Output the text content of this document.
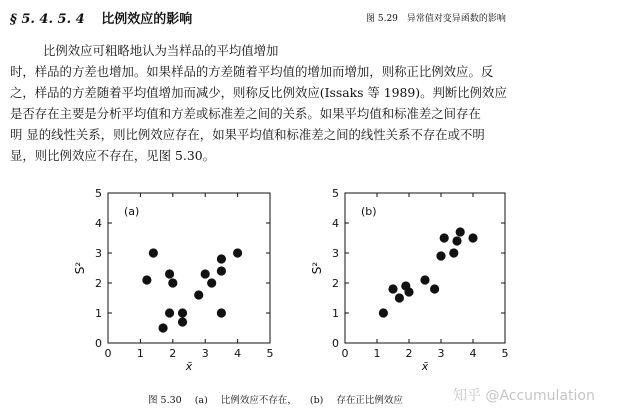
§ 5. 4. 5. 4 比例效应的影响	图 5.29　异常值对变异函数的影响
比例效应可粗略地认为当样品的平均值增加
时，样品的方差也增加。如果样品的方差随着平均值的增加而增加，则称正比例效应。反
之，样品的方差随着平均值增加而减少，则称反比例效应(Issaks 等 1989)。判断比例效应
是否存在主要是分析平均值和方差或标准差之间的关系。如果平均值和标准差之间存在
明 显的线性关系，则比例效应存在，如果平均值和标准差之间的线性关系不存在或不明
显，则比例效应不存在，见图 5.30。
0 1 2 3 4 5
0
1
2
3
4
5
(a)
x̄
S²
0 1 2 3 4 5
0
1
2
3
4
5
(b)
x̄
S²
图 5.30 (a) 比例效应不存在， (b) 存在正比例效应	知乎 @Accumulation
